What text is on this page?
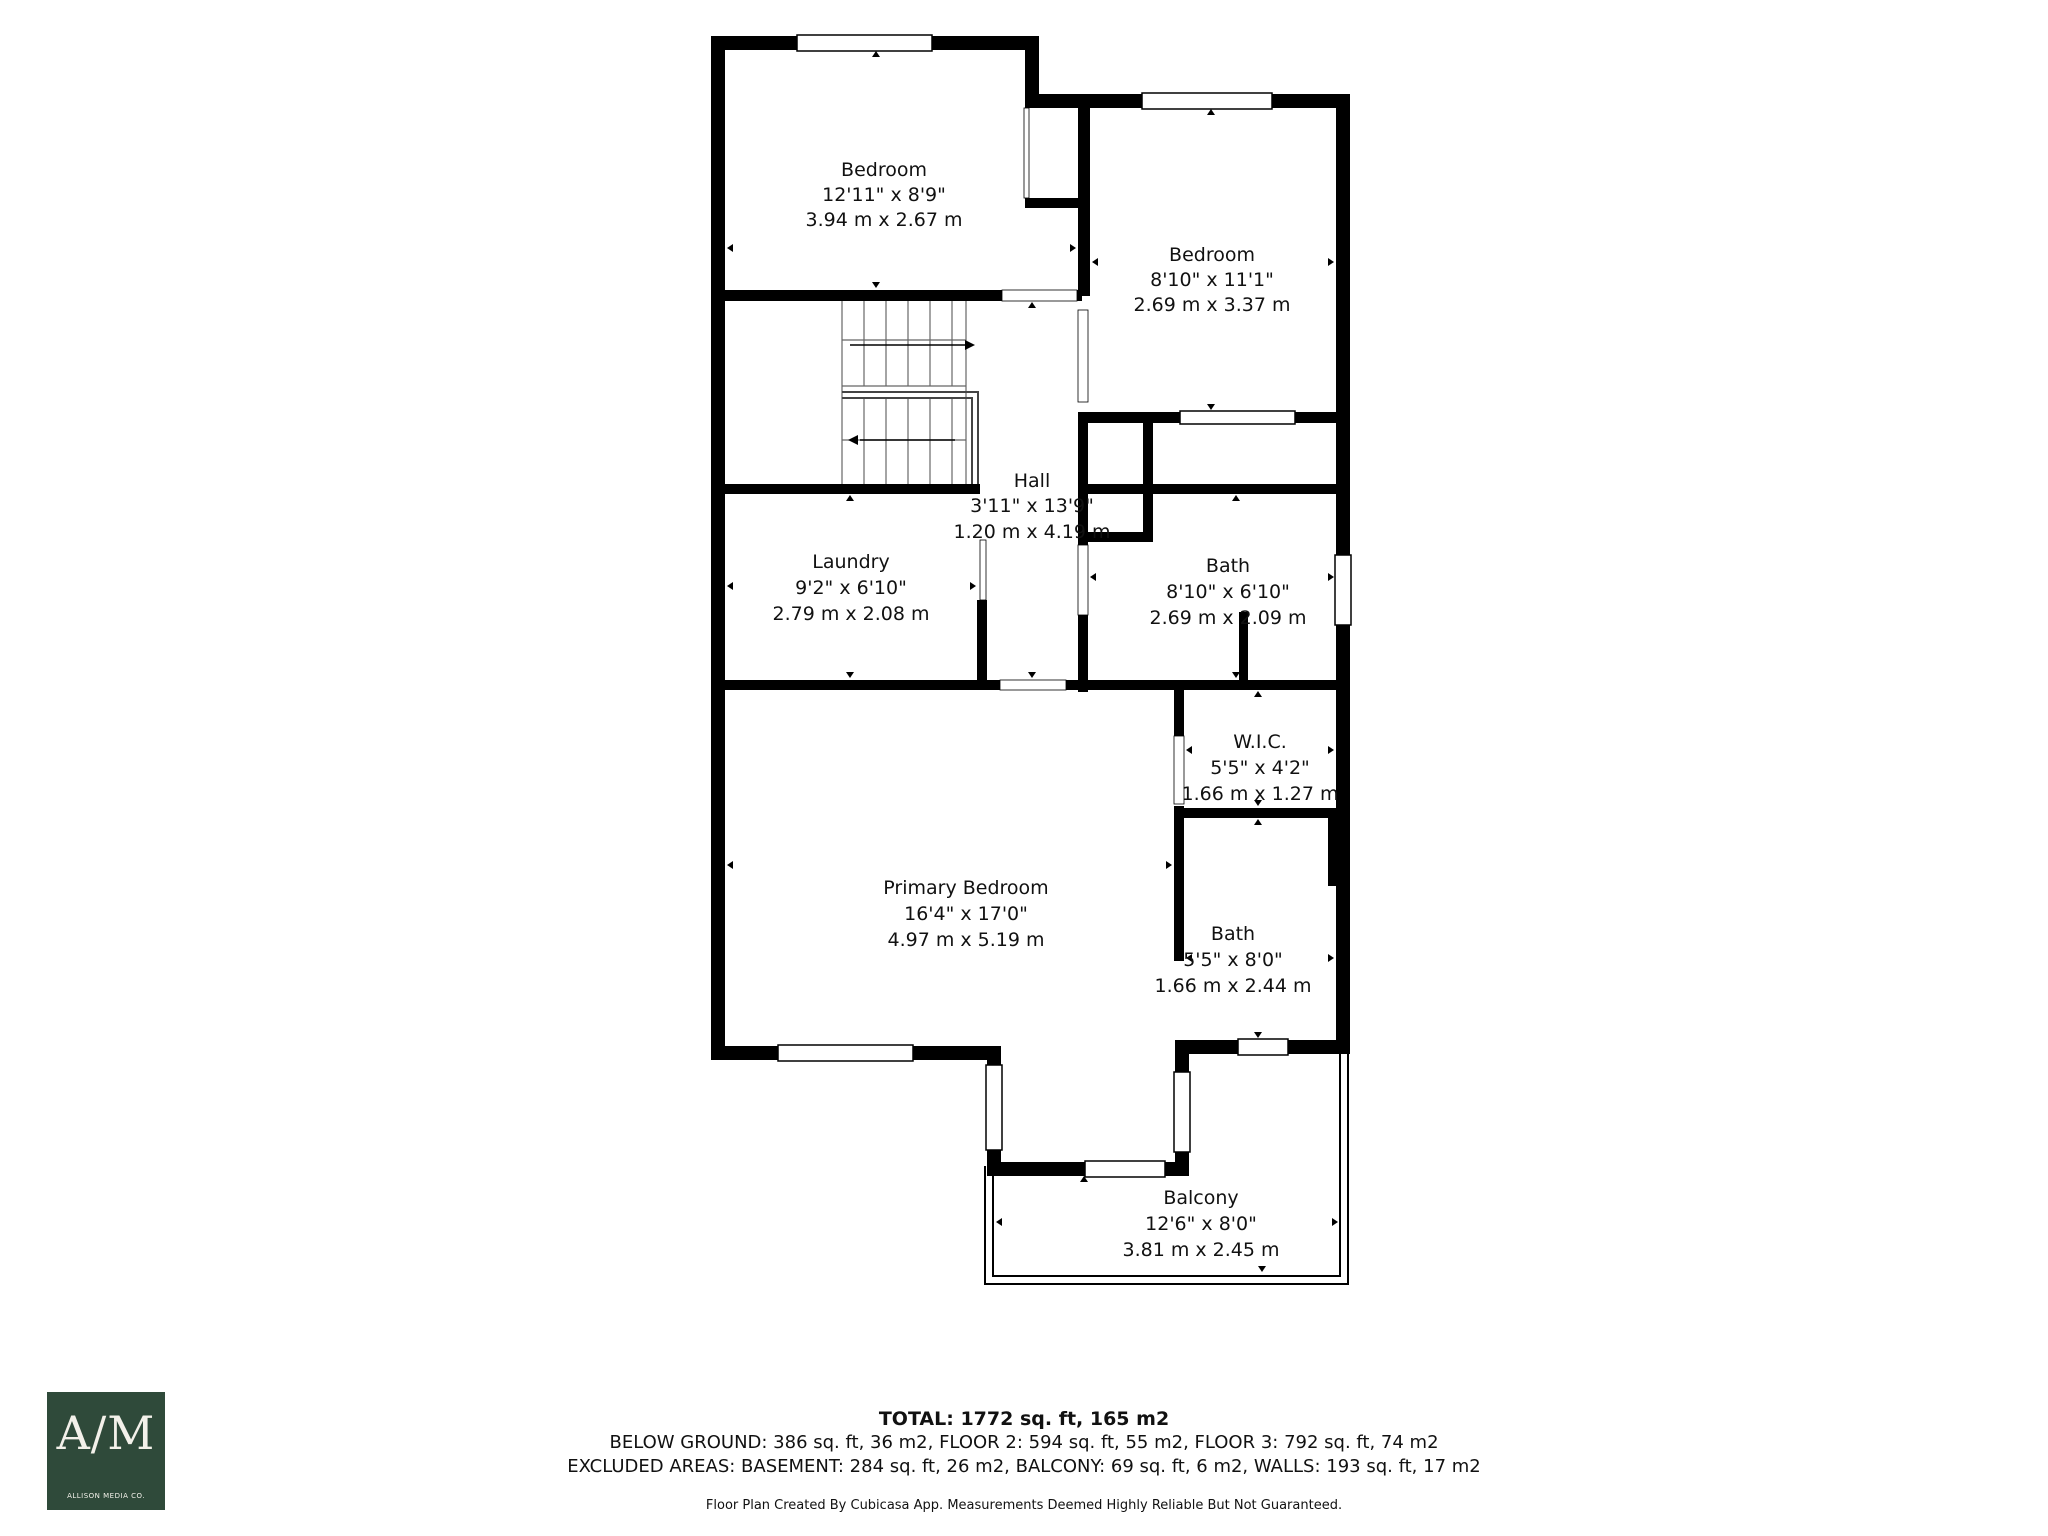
Bedroom
12'11" x 8'9"
3.94 m x 2.67 m
Bedroom
8'10" x 11'1"
2.69 m x 3.37 m
Hall
3'11" x 13'9"
1.20 m x 4.19 m
Laundry
9'2" x 6'10"
2.79 m x 2.08 m
Bath
8'10" x 6'10"
2.69 m x 2.09 m
W.I.C.
5'5" x 4'2"
1.66 m x 1.27 m
Primary Bedroom
16'4" x 17'0"
4.97 m x 5.19 m	Bath
5'5" x 8'0"
1.66 m x 2.44 m
Balcony
12'6" x 8'0"
3.81 m x 2.45 m
A/M
ALLISON MEDIA CO.
TOTAL: 1772 sq. ft, 165 m2
BELOW GROUND: 386 sq. ft, 36 m2, FLOOR 2: 594 sq. ft, 55 m2, FLOOR 3: 792 sq. ft, 74 m2
EXCLUDED AREAS: BASEMENT: 284 sq. ft, 26 m2, BALCONY: 69 sq. ft, 6 m2, WALLS: 193 sq. ft, 17 m2
Floor Plan Created By Cubicasa App. Measurements Deemed Highly Reliable But Not Guaranteed.
